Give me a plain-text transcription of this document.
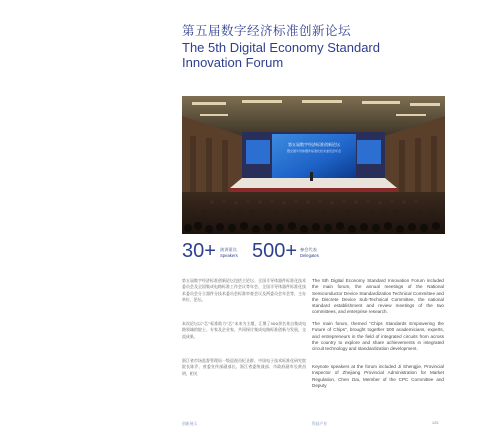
第五届数字经济标准创新论坛
The 5th Digital Economy Standard Innovation Forum
第五届数字经济标准创新论坛
暨全国半导体器件标准化技术委员会年会
30+ 演讲嘉宾
Speakers 500+ 参会代表
Delegates

第五届数字经济标准创新论坛包括主论坛、全国半导体器件标准化技术委员会及全国集成电路标准工作会议等年会、全国半导体器件标准化技术委员会分立器件分技术委员会标准审查会议及两委员会年会等，主办单位、论坛。

本次论坛以“芯”标准助力“芯”未来为主题，汇聚了500余名来自集成电路领域的院士、专家及企业家，共同探讨集成电路标准创新与发展，交流成果。

浙江省市场监督管理局一级巡视员纪圣群、中国电子技术标准化研究院院长陈乔、省委宣传部副部长、浙江省委统战部、市政府副市长黄昌明、相关

The 5th Digital Economy Standard Innovation Forum included the main forum, the annual meetings of the National Semiconductor Device Standardization Technical Committee and the Discrete Device Sub-Technical Committee, the national standard establishment and review meetings of the two committees, and enterprise research.

The main forum, themed “Chips Standards Empowering the Future of Chips”, brought together 500 academicians, experts, and entrepreneurs in the field of integrated circuits from across the country to explore and share achievements in integrated circuit technology and standardization development.

Keynote speakers at the forum included Ji Shengjie, Provincial Inspector of Zhejiang Provincial Administration for Market Regulation, Chen Dai, Member of the CPC Committee and Deputy

创新展示	科技产业	125
